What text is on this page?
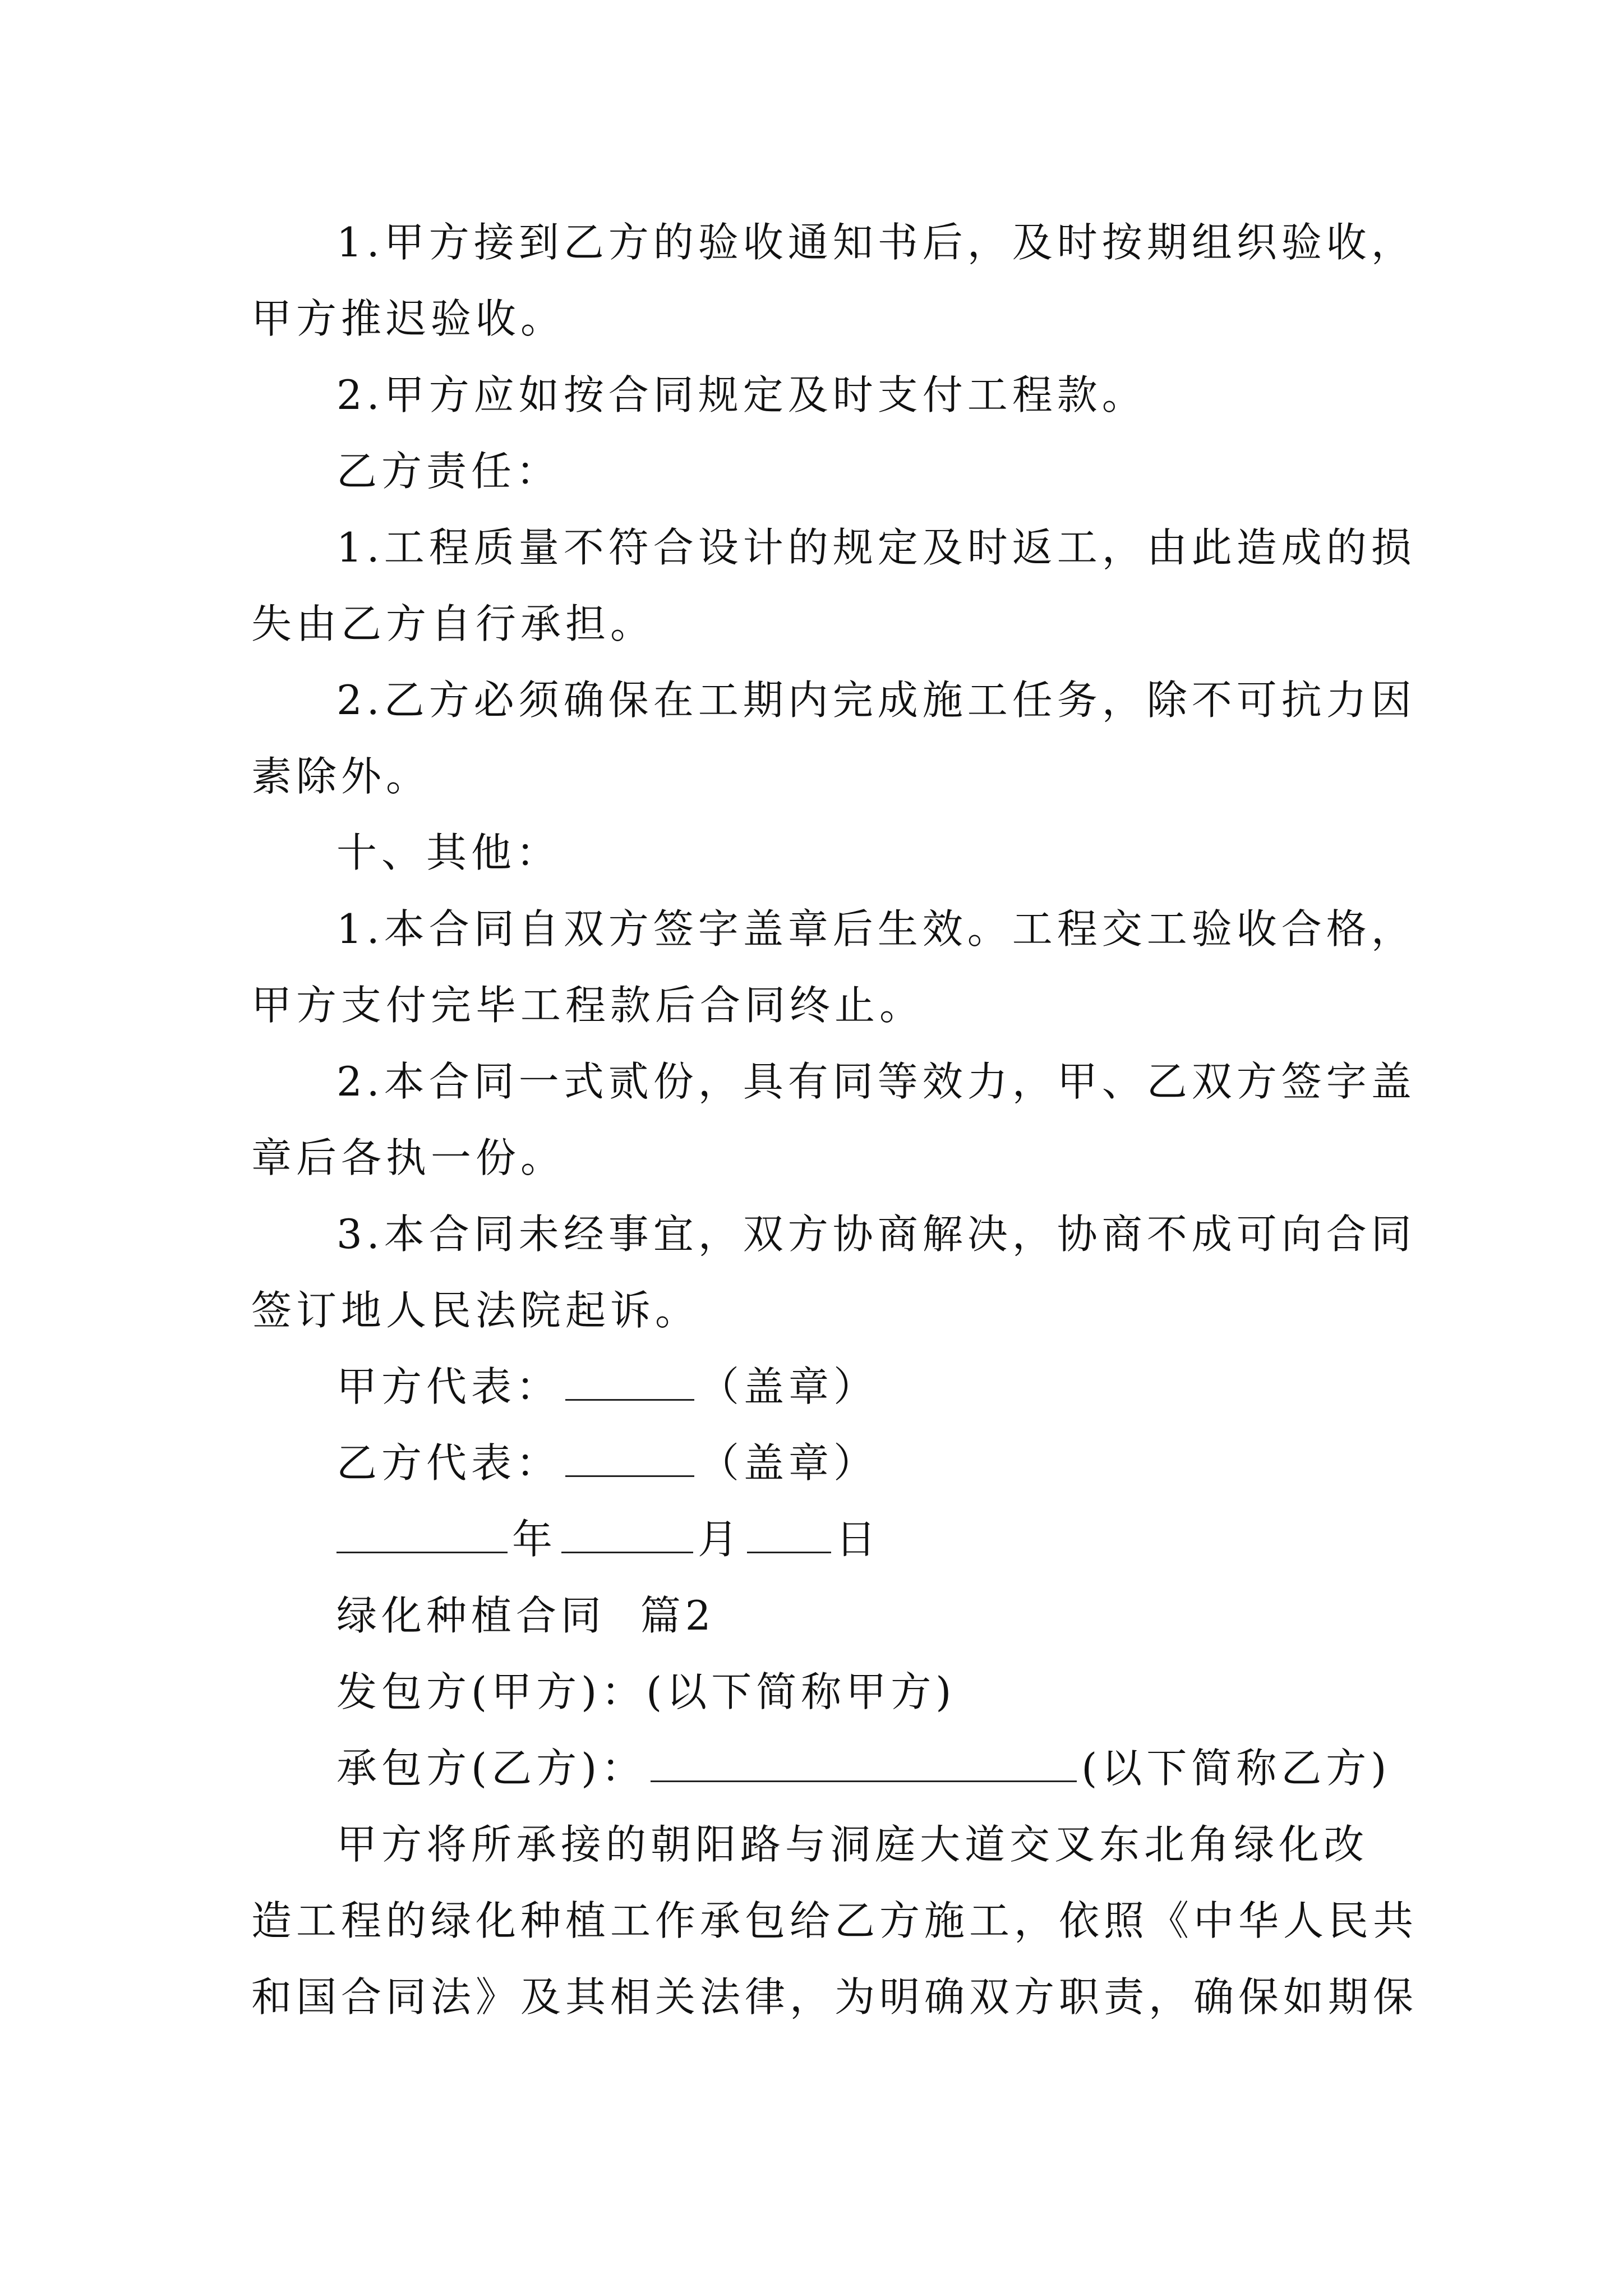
1.甲方接到乙方的验收通知书后，及时按期组织验收，

甲方推迟验收。

2.甲方应如按合同规定及时支付工程款。

乙方责任：

1.工程质量不符合设计的规定及时返工，由此造成的损

失由乙方自行承担。

2.乙方必须确保在工期内完成施工任务，除不可抗力因

素除外。

十、其他：

1.本合同自双方签字盖章后生效。工程交工验收合格，

甲方支付完毕工程款后合同终止。

2.本合同一式贰份，具有同等效力，甲、乙双方签字盖

章后各执一份。

3.本合同未经事宜，双方协商解决，协商不成可向合同

签订地人民法院起诉。

甲方代表：	（盖章）

乙方代表：	（盖章）

年	月 日

绿化种植合同  篇2

发包方(甲方)：(以下简称甲方)

承包方(乙方)：	(以下简称乙方)

甲方将所承接的朝阳路与洞庭大道交叉东北角绿化改

造工程的绿化种植工作承包给乙方施工，依照《中华人民共

和国合同法》及其相关法律，为明确双方职责，确保如期保
